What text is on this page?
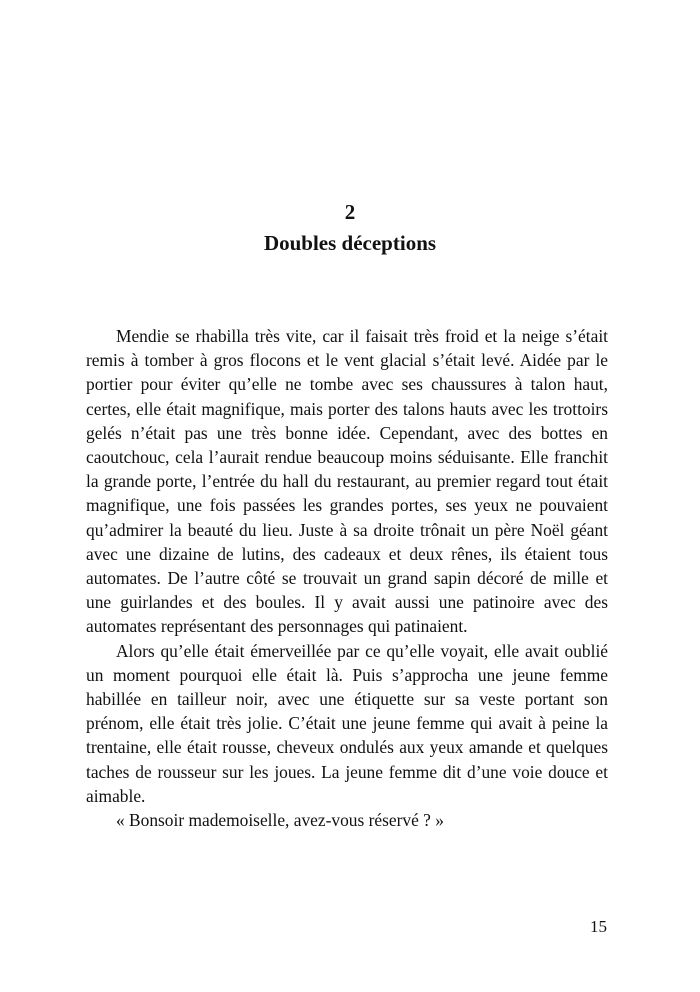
2
Doubles déceptions

Mendie se rhabilla très vite, car il faisait très froid et la neige s’était remis à tomber à gros flocons et le vent glacial s’était levé. Aidée par le portier pour éviter qu’elle ne tombe avec ses chaussures à talon haut, certes, elle était magnifique, mais porter des talons hauts avec les trottoirs gelés n’était pas une très bonne idée. Cependant, avec des bottes en caoutchouc, cela l’aurait rendue beaucoup moins séduisante. Elle franchit la grande porte, l’entrée du hall du restaurant, au premier regard tout était magnifique, une fois passées les grandes portes, ses yeux ne pouvaient qu’admirer la beauté du lieu. Juste à sa droite trônait un père Noël géant avec une dizaine de lutins, des cadeaux et deux rênes, ils étaient tous automates. De l’autre côté se trouvait un grand sapin décoré de mille et une guirlandes et des boules. Il y avait aussi une patinoire avec des automates représentant des personnages qui patinaient.

Alors qu’elle était émerveillée par ce qu’elle voyait, elle avait oublié un moment pourquoi elle était là. Puis s’approcha une jeune femme habillée en tailleur noir, avec une étiquette sur sa veste portant son prénom, elle était très jolie. C’était une jeune femme qui avait à peine la trentaine, elle était rousse, cheveux ondulés aux yeux amande et quelques taches de rousseur sur les joues. La jeune femme dit d’une voie douce et aimable.

« Bonsoir mademoiselle, avez-vous réservé ? »

15
